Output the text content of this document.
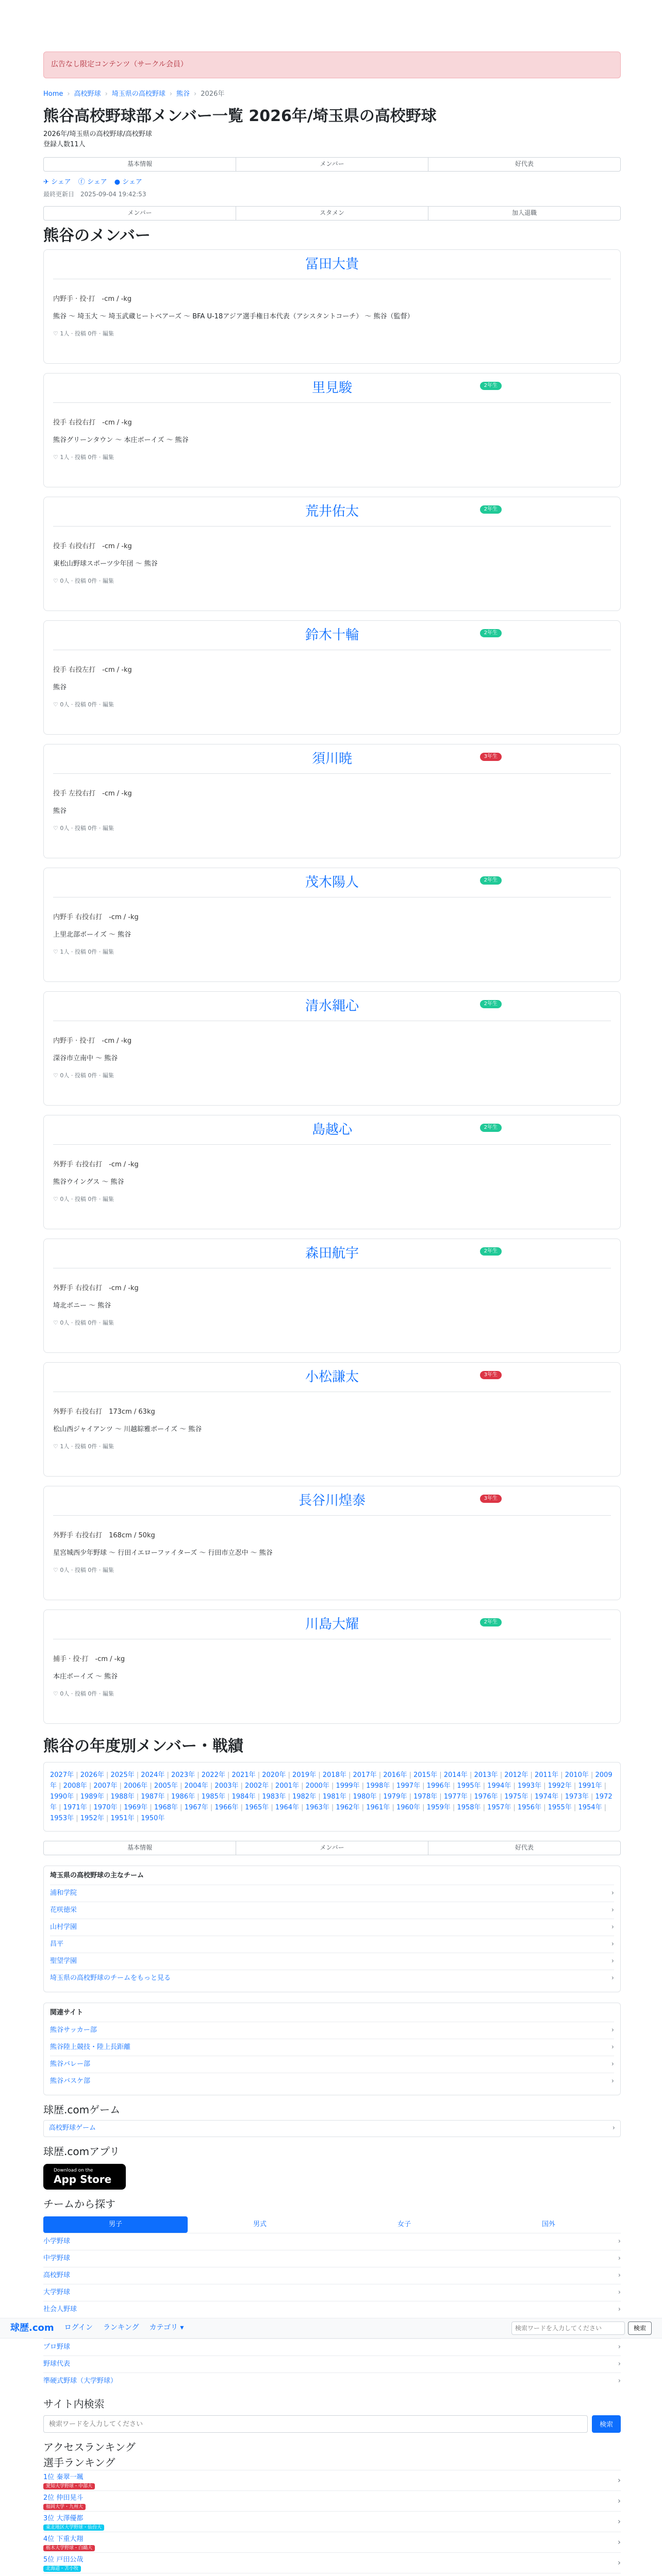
広告なし限定コンテンツ（サークル会員）
Home › 高校野球 › 埼玉県の高校野球 › 熊谷 › 2026年
熊谷高校野球部メンバー一覧 2026年/埼玉県の高校野球
2026年/埼玉県の高校野球/高校野球
登録人数11人
基本情報	メンバー	好代表
✈ シェア ⓕ シェア ● シェア
最終更新日　2025-09-04 19:42:53
メンバー	スタメン	加入退職
熊谷のメンバー
冨田大貴
内野手 · 投·打　-cm / -kg
熊谷 〜 埼玉大 〜 埼玉武蔵ヒートベアーズ 〜 BFA U-18アジア選手権日本代表（アシスタントコーチ） 〜 熊谷（監督）
♡ 1人 · 投稿 0件 · 編集
里見駿	2年生
投手 右投右打　-cm / -kg
熊谷グリーンタウン 〜 本庄ボーイズ 〜 熊谷
♡ 1人 · 投稿 0件 · 編集
荒井佑太	2年生
投手 右投右打　-cm / -kg
東松山野球スポーツ少年団 〜 熊谷
♡ 0人 · 投稿 0件 · 編集
鈴木十輪	2年生
投手 右投左打　-cm / -kg
熊谷
♡ 0人 · 投稿 0件 · 編集
須川暁	3年生
投手 左投右打　-cm / -kg
熊谷
♡ 0人 · 投稿 0件 · 編集
茂木陽人	2年生
内野手 右投右打　-cm / -kg
上里北部ボーイズ 〜 熊谷
♡ 1人 · 投稿 0件 · 編集
清水縄心	2年生
内野手 · 投·打　-cm / -kg
深谷市立南中 〜 熊谷
♡ 0人 · 投稿 0件 · 編集
島越心	2年生
外野手 右投右打　-cm / -kg
熊谷ウイングス 〜 熊谷
♡ 0人 · 投稿 0件 · 編集
森田航宇	2年生
外野手 右投右打　-cm / -kg
埼北ボニー 〜 熊谷
♡ 0人 · 投稿 0件 · 編集
小松謙太	3年生
外野手 右投右打　173cm / 63kg
松山西ジャイアンツ 〜 川越綜雅ボーイズ 〜 熊谷
♡ 1人 · 投稿 0件 · 編集
長谷川煌泰	3年生
外野手 右投右打　168cm / 50kg
星宮城西少年野球 〜 行田イエローファイターズ 〜 行田市立忍中 〜 熊谷
♡ 0人 · 投稿 0件 · 編集
川島大耀	2年生
捕手 · 投·打　-cm / -kg
本庄ボーイズ 〜 熊谷
♡ 0人 · 投稿 0件 · 編集
熊谷の年度別メンバー・戦績
2027年 | 2026年 | 2025年 | 2024年 | 2023年 | 2022年 | 2021年 | 2020年 | 2019年 | 2018年 | 2017年 | 2016年 | 2015年 | 2014年 | 2013年 | 2012年 | 2011年 | 2010年 | 2009年 | 2008年 | 2007年 | 2006年 | 2005年 | 2004年 | 2003年 | 2002年 | 2001年 | 2000年 | 1999年 | 1998年 | 1997年 | 1996年 | 1995年 | 1994年 | 1993年 | 1992年 | 1991年 | 1990年 | 1989年 | 1988年 | 1987年 | 1986年 | 1985年 | 1984年 | 1983年 | 1982年 | 1981年 | 1980年 | 1979年 | 1978年 | 1977年 | 1976年 | 1975年 | 1974年 | 1973年 | 1972年 | 1971年 | 1970年 | 1969年 | 1968年 | 1967年 | 1966年 | 1965年 | 1964年 | 1963年 | 1962年 | 1961年 | 1960年 | 1959年 | 1958年 | 1957年 | 1956年 | 1955年 | 1954年 | 1953年 | 1952年 | 1951年 | 1950年
基本情報	メンバー	好代表
埼玉県の高校野球の主なチーム
浦和学院	›
花咲徳栄	›
山村学園	›
昌平	›
聖望学園	›
埼玉県の高校野球のチームをもっと見る	›
関連サイト
熊谷サッカー部	›
熊谷陸上競技・陸上長距離	›
熊谷バレー部	›
熊谷バスケ部	›
球歴.comゲーム
高校野球ゲーム	›
球歴.comアプリ
Download on the
App Store
チームから探す
男子	男式	女子	国外
小学野球	›
中学野球	›
高校野球	›
大学野球	›
社会人野球	›
球歴.com ログイン ランキング カテゴリ ▾
検索ワードを入力してください	検索
プロ野球	›
野球代表	›
準硬式野球（大学野球）	›
サイト内検索
検索ワードを入力してください
検索
アクセスランキング
選手ランキング
1位 秦翠一颯
愛知大学野球・中部大
›
2位 仲田晃斗
福岡大学・九州大
›
3位 大澤優都
東北地区大学野球・仙台大
›
4位 下重大翔
栃木大学野球・白鷗大
›
5位 戸田公哉
北海道・苫小牧
›
